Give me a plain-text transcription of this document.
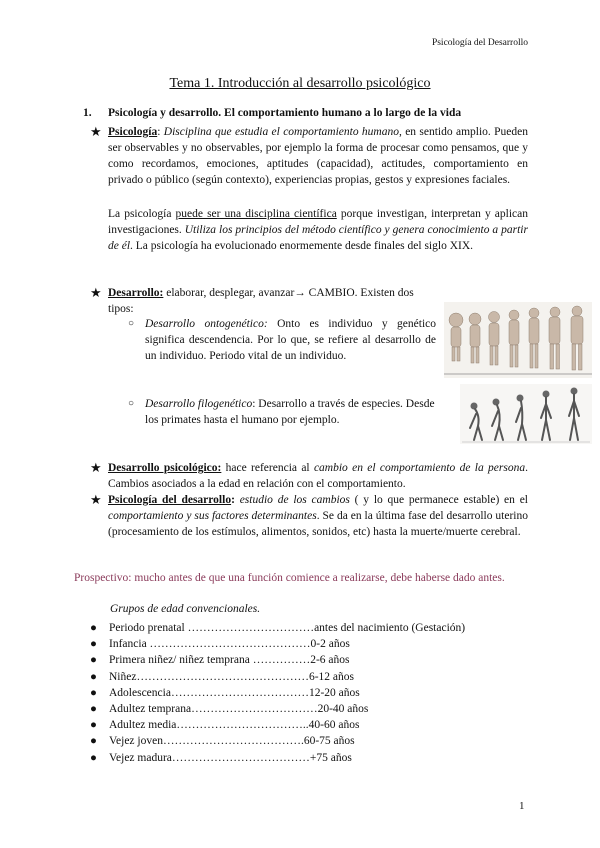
Psicología del Desarrollo
Tema 1. Introducción al desarrollo psicológico
1. Psicología y desarrollo. El comportamiento humano a lo largo de la vida
★ Psicología: Disciplina que estudia el comportamiento humano, en sentido amplio. Pueden ser observables y no observables, por ejemplo la forma de procesar como pensamos, que y como recordamos, emociones, aptitudes (capacidad), actitudes, comportamiento en privado o público (según contexto), experiencias propias, gestos y expresiones faciales.
La psicología puede ser una disciplina científica porque investigan, interpretan y aplican investigaciones. Utiliza los principios del método científico y genera conocimiento a partir de él. La psicología ha evolucionado enormemente desde finales del siglo XIX.
★ Desarrollo: elaborar, desplegar, avanzar→ CAMBIO. Existen dos tipos:
○ Desarrollo ontogenético: Onto es individuo y genético significa descendencia. Por lo que, se refiere al desarrollo de un individuo. Periodo vital de un individuo.
○ Desarrollo filogenético: Desarrollo a través de especies. Desde los primates hasta el humano por ejemplo.
★ Desarrollo psicológico: hace referencia al cambio en el comportamiento de la persona. Cambios asociados a la edad en relación con el comportamiento.
★ Psicología del desarrollo: estudio de los cambios ( y lo que permanece estable) en el comportamiento y sus factores determinantes. Se da en la última fase del desarrollo uterino (procesamiento de los estímulos, alimentos, sonidos, etc) hasta la muerte/muerte cerebral.
Prospectivo: mucho antes de que una función comience a realizarse, debe haberse dado antes.
Grupos de edad convencionales.
● Periodo prenatal ……………………………antes del nacimiento (Gestación)
● Infancia ……………………………………0-2 años
● Primera niñez/ niñez temprana ……………2-6 años
● Niñez………………………………………6-12 años
● Adolescencia………………………………12-20 años
● Adultez temprana……………………………20-40 años
● Adultez media……………………………..40-60 años
● Vejez joven……………………………….60-75 años
● Vejez madura………………………………+75 años
1
